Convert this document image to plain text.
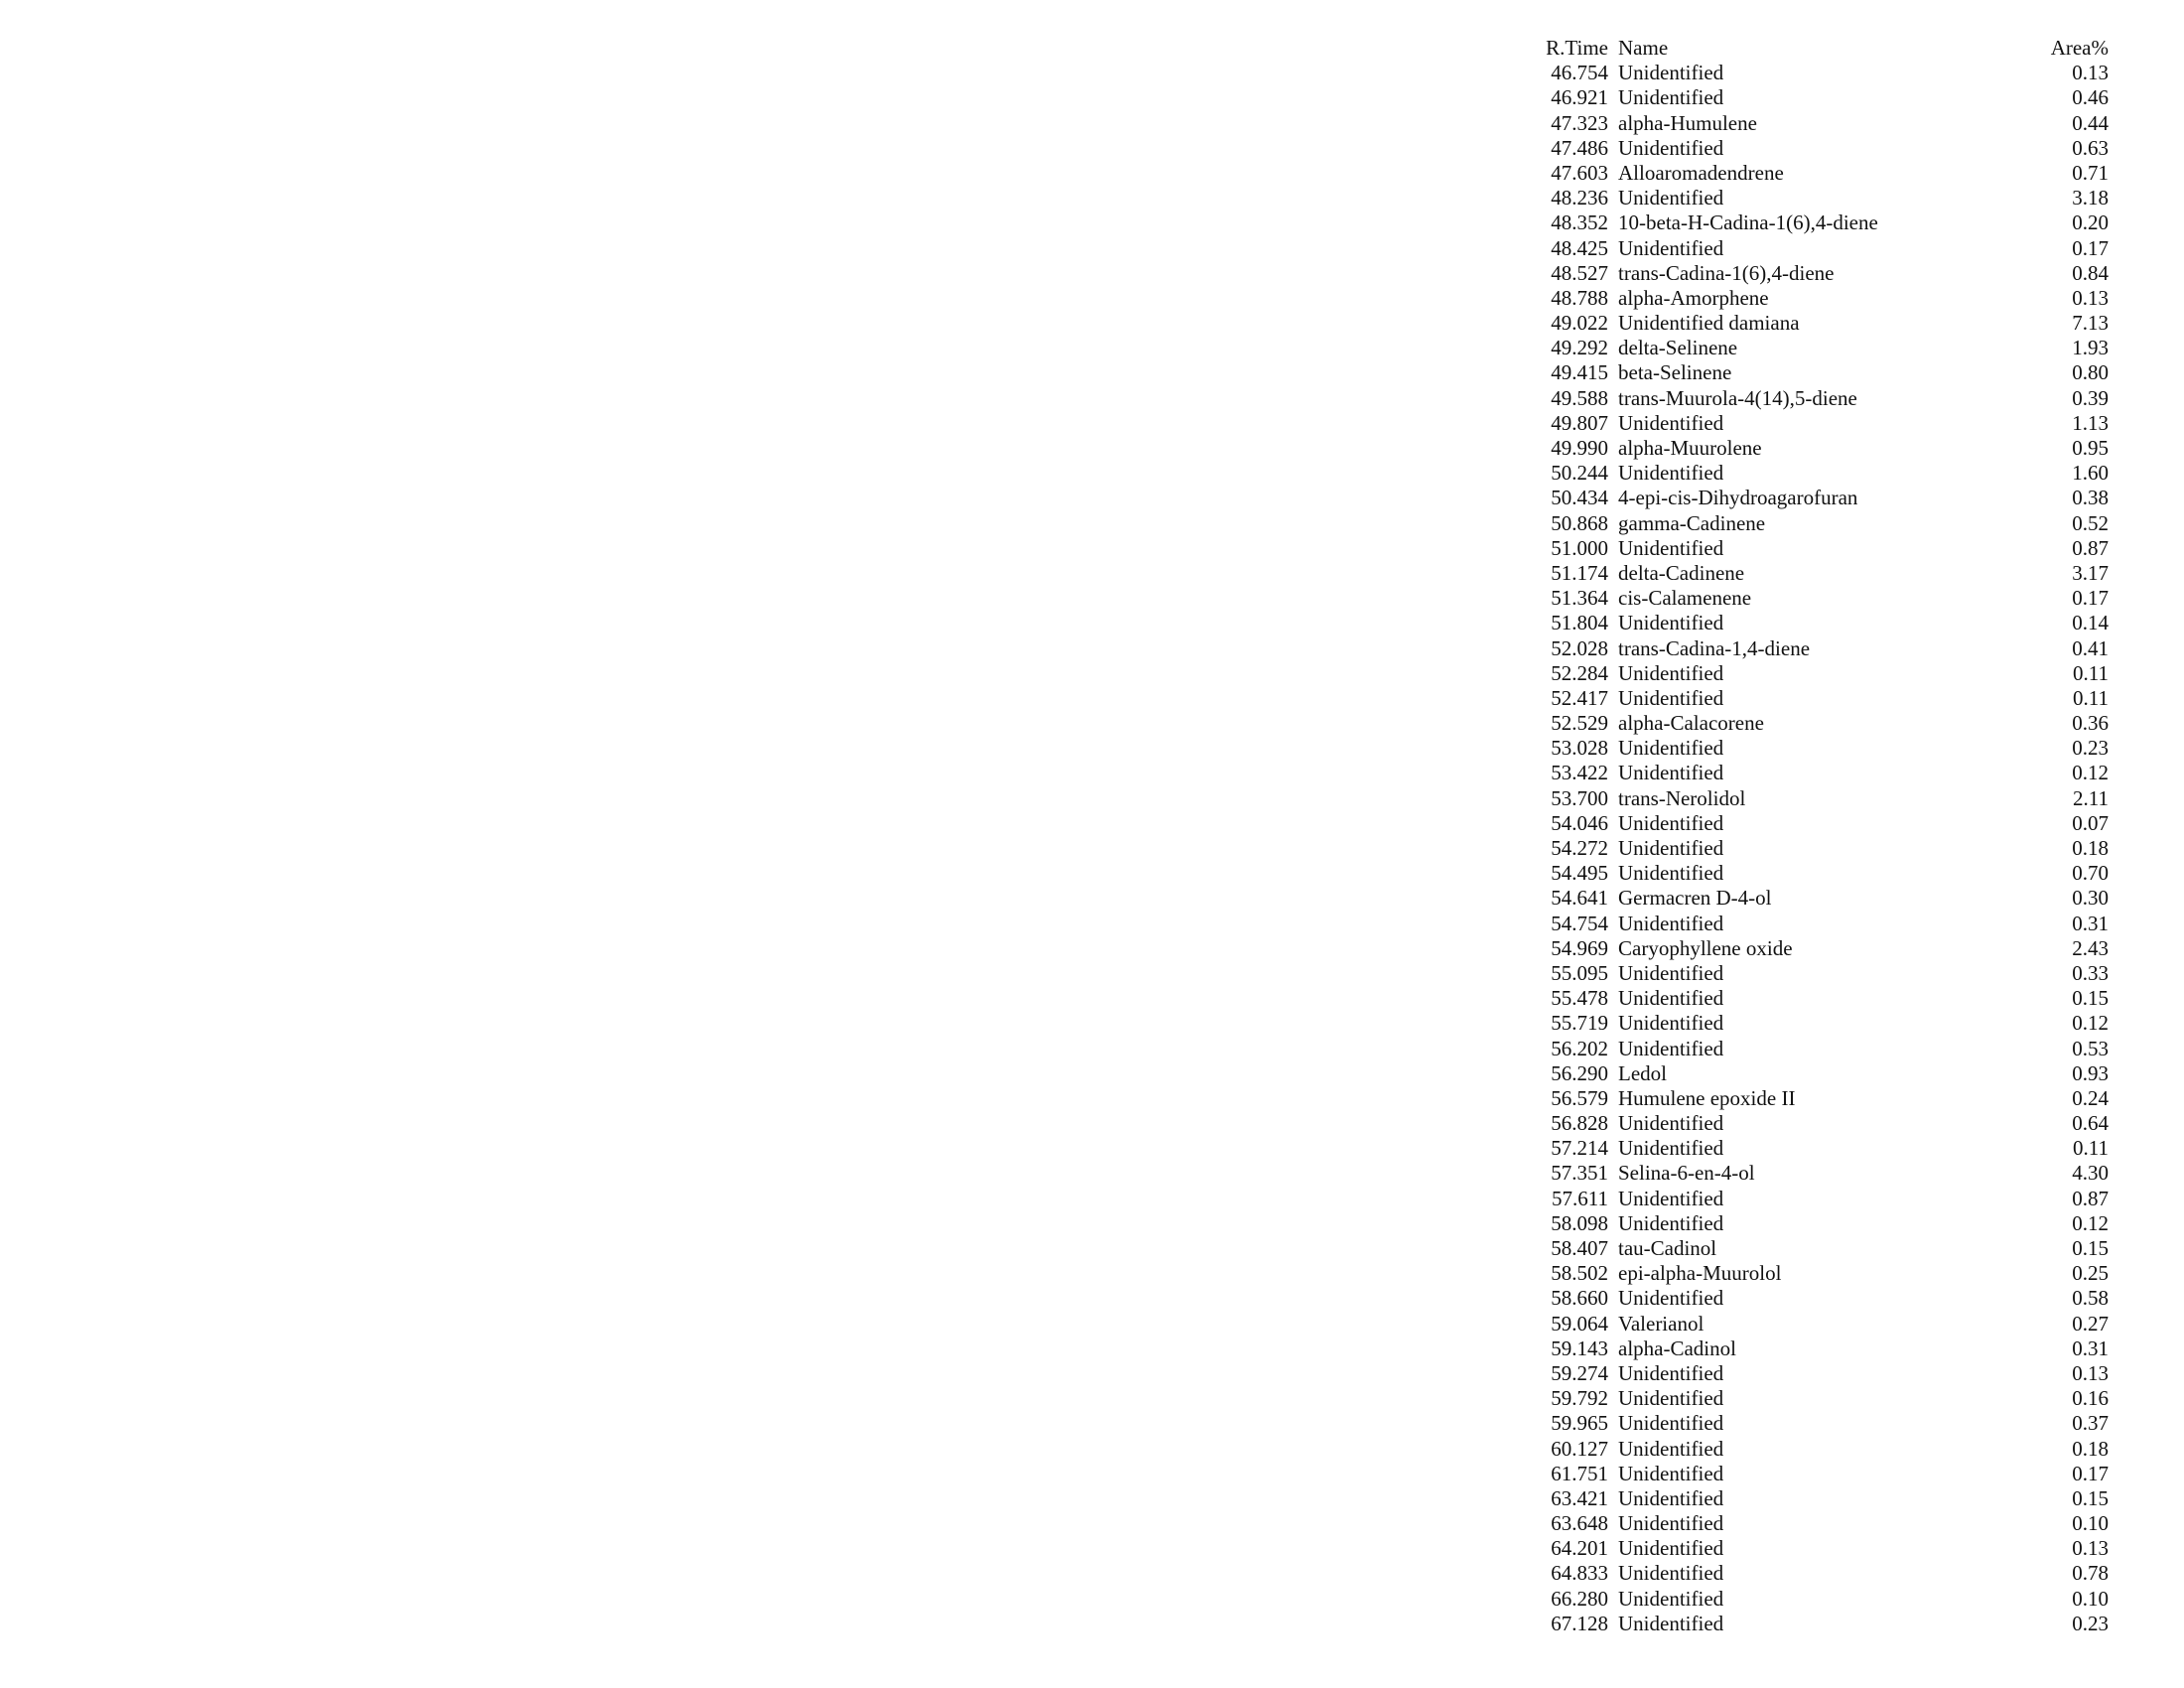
R.Time Name	Area%
46.754 Unidentified	0.13
46.921 Unidentified	0.46
47.323 alpha-Humulene	0.44
47.486 Unidentified	0.63
47.603 Alloaromadendrene	0.71
48.236 Unidentified	3.18
48.352 10-beta-H-Cadina-1(6),4-diene	0.20
48.425 Unidentified	0.17
48.527 trans-Cadina-1(6),4-diene	0.84
48.788 alpha-Amorphene	0.13
49.022 Unidentified damiana	7.13
49.292 delta-Selinene	1.93
49.415 beta-Selinene	0.80
49.588 trans-Muurola-4(14),5-diene	0.39
49.807 Unidentified	1.13
49.990 alpha-Muurolene	0.95
50.244 Unidentified	1.60
50.434 4-epi-cis-Dihydroagarofuran	0.38
50.868 gamma-Cadinene	0.52
51.000 Unidentified	0.87
51.174 delta-Cadinene	3.17
51.364 cis-Calamenene	0.17
51.804 Unidentified	0.14
52.028 trans-Cadina-1,4-diene	0.41
52.284 Unidentified	0.11
52.417 Unidentified	0.11
52.529 alpha-Calacorene	0.36
53.028 Unidentified	0.23
53.422 Unidentified	0.12
53.700 trans-Nerolidol	2.11
54.046 Unidentified	0.07
54.272 Unidentified	0.18
54.495 Unidentified	0.70
54.641 Germacren D-4-ol	0.30
54.754 Unidentified	0.31
54.969 Caryophyllene oxide	2.43
55.095 Unidentified	0.33
55.478 Unidentified	0.15
55.719 Unidentified	0.12
56.202 Unidentified	0.53
56.290 Ledol	0.93
56.579 Humulene epoxide II	0.24
56.828 Unidentified	0.64
57.214 Unidentified	0.11
57.351 Selina-6-en-4-ol	4.30
57.611 Unidentified	0.87
58.098 Unidentified	0.12
58.407 tau-Cadinol	0.15
58.502 epi-alpha-Muurolol	0.25
58.660 Unidentified	0.58
59.064 Valerianol	0.27
59.143 alpha-Cadinol	0.31
59.274 Unidentified	0.13
59.792 Unidentified	0.16
59.965 Unidentified	0.37
60.127 Unidentified	0.18
61.751 Unidentified	0.17
63.421 Unidentified	0.15
63.648 Unidentified	0.10
64.201 Unidentified	0.13
64.833 Unidentified	0.78
66.280 Unidentified	0.10
67.128 Unidentified	0.23
